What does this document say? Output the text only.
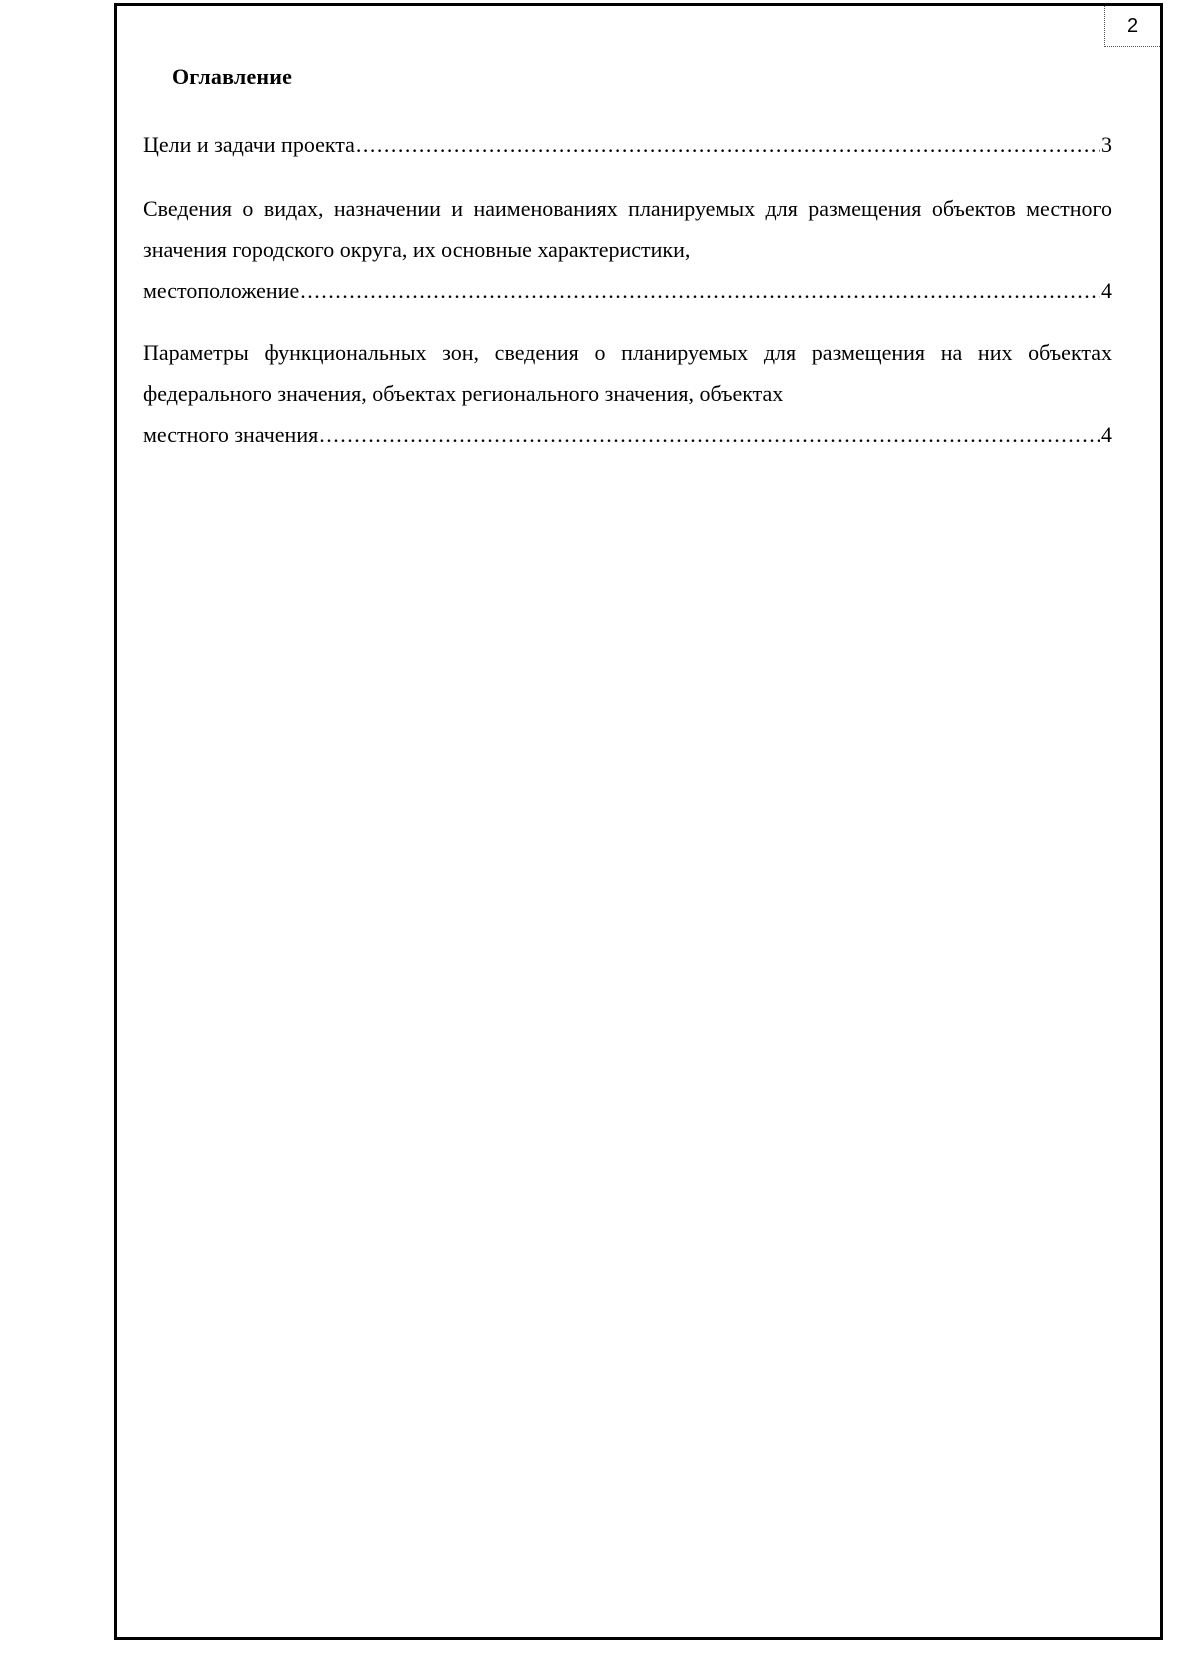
2
Оглавление
Цели и задачи проекта .....	3
Сведения о видах, назначении и наименованиях планируемых для размещения объектов местного значения городского округа, их основные характеристики,
местоположение .....	4
Параметры функциональных зон, сведения о планируемых для размещения на них объектах федерального значения, объектах регионального значения, объектах
местного значения .....	4
